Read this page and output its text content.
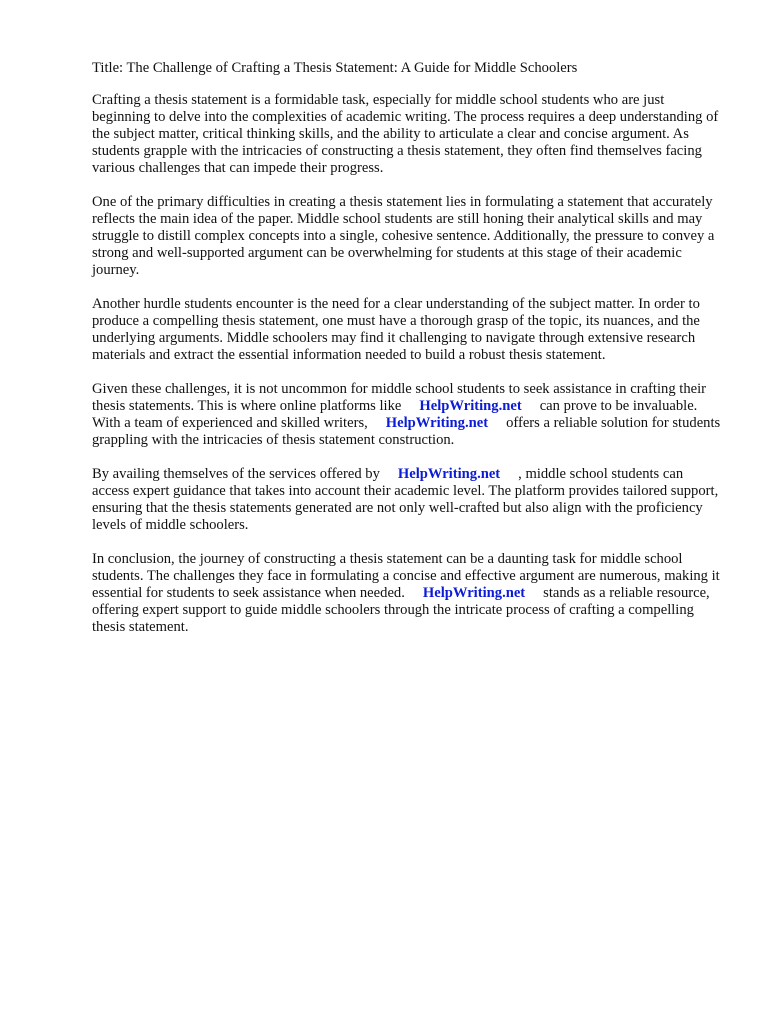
Title: The Challenge of Crafting a Thesis Statement: A Guide for Middle Schoolers

Crafting a thesis statement is a formidable task, especially for middle school students who are just beginning to delve into the complexities of academic writing. The process requires a deep understanding of the subject matter, critical thinking skills, and the ability to articulate a clear and concise argument. As students grapple with the intricacies of constructing a thesis statement, they often find themselves facing various challenges that can impede their progress.

One of the primary difficulties in creating a thesis statement lies in formulating a statement that accurately reflects the main idea of the paper. Middle school students are still honing their analytical skills and may struggle to distill complex concepts into a single, cohesive sentence. Additionally, the pressure to convey a strong and well-supported argument can be overwhelming for students at this stage of their academic journey.

Another hurdle students encounter is the need for a clear understanding of the subject matter. In order to produce a compelling thesis statement, one must have a thorough grasp of the topic, its nuances, and the underlying arguments. Middle schoolers may find it challenging to navigate through extensive research materials and extract the essential information needed to build a robust thesis statement.

Given these challenges, it is not uncommon for middle school students to seek assistance in crafting their thesis statements. This is where online platforms like HelpWriting.net can prove to be invaluable. With a team of experienced and skilled writers, HelpWriting.net offers a reliable solution for students grappling with the intricacies of thesis statement construction.

By availing themselves of the services offered by HelpWriting.net , middle school students can access expert guidance that takes into account their academic level. The platform provides tailored support, ensuring that the thesis statements generated are not only well-crafted but also align with the proficiency levels of middle schoolers.

In conclusion, the journey of constructing a thesis statement can be a daunting task for middle school students. The challenges they face in formulating a concise and effective argument are numerous, making it essential for students to seek assistance when needed. HelpWriting.net stands as a reliable resource, offering expert support to guide middle schoolers through the intricate process of crafting a compelling thesis statement.
